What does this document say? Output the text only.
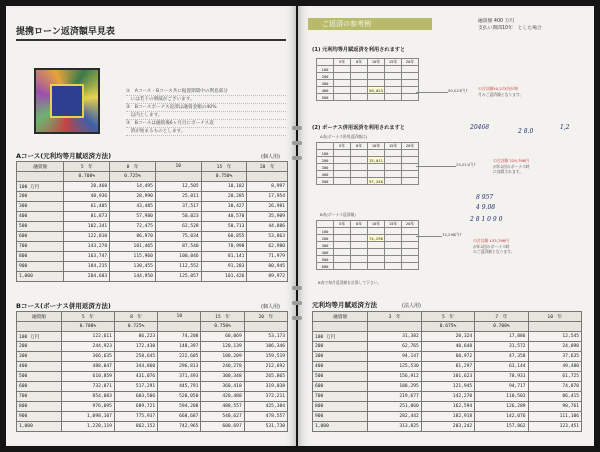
提携ローン返済額早見表
①　Aコース・Bコース共に据置期間中の利息部分
　には若干の増減がございます。
②　Bコースボーナス返済は融資金額の40%
　以内とします。
③　Bコースは融資後6ヶ月目にボーナス返
　済が始まるものとします。
Aコース(元利均等月賦返済方法)	(個人用)
融資額	5　年	8　年	10	15　年	20　年
	0.708%	0.725%		0.750%	
100 万円	20,460	14,495	12,505	10,182	8,997
200	40,936	28,990	25,011	20,285	17,954
300	61,405	43,485	37,517	30,427	26,981
400	81,873	57,980	50,023	40,570	35,909
500	102,341	72,475	62,528	50,713	44,886
600	122,810	86,970	75,034	60,855	53,863
700	143,278	101,465	87,540	70,998	62,980
800	163,747	115,960	100,046	81,141	71,979
900	184,215	130,455	112,552	91,283	80,945
1,000	204,683	144,950	125,057	101,426	89,972
Bコース(ボーナス併用返済方法)	(個人用)
融資額	5　年	8　年	10	15　年	20　年
	0.708%	0.725%		0.750%	
100 万円	122,611	86,223	74,208	60,069	53,173
200	244,923	172,430	148,397	120,139	106,346
300	366,635	258,645	222,605	180,209	159,519
400	488,047	344,860	296,813	240,278	212,692
500	610,859	431,076	371,493	300,348	265,865
600	732,071	517,291	445,791	360,418	319,038
700	854,083	603,506	520,050	420,488	372,211
800	976,095	689,721	594,208	480,557	425,384
900	1,098,107	775,937	668,687	540,627	478,557
1,000	1,220,119	862,152	742,965	600,697	531,730
ご返済の参考例	融資額 400 万円
支払い期間10年　とした場合
(1) 元利均等月賦返済を利用されますと
	5年	8年	10年	15年	20年
100					
200					
300					
400			50,023		
500					
50,023円↑	の合計額50,273円が毎
月のご返済額となります。
(2) ボーナス併用返済を利用されますと
A表(ボーナス併用返済額は)
	5年	8年	10年	15年	20年
100					
200			25,011		
300					
400					
500			97,240		
25,011円↑
の合計額 229,798円
が年2回のボーナス時
に加算されます。
B表(ボーナス返済額)
	5年	8年	10年	15年	20年
100					
200			74,298		
300					
400					
500					
600					
74,298円↑
の合計額 133,798円
が年2回のボーナス時
のご返済額となります。
B表で毎月返済額を計算して下さい。
20468
2 8.0
1,2
8 957
4 9.08
2 8 1 0 9 0
元利均等月賦返済方法	(法人用)
融資額	3　年	5　年	7　年	10　年
		0.675%	0.700%	
100 万円	31,382	20,324	17,886	12,545
200	62,765	40,648	31,572	24,090
300	94,147	60,972	47,358	37,635
400	125,530	81,297	63,144	49,480
500	156,912	101,623	78,931	61,725
600	188,295	121,945	94,717	74,070
700	219,677	142,270	110,503	86,415
800	251,060	162,594	126,289	98,761
900	282,442	182,918	142,076	111,106
1,000	313,825	203,242	157,862	123,451
